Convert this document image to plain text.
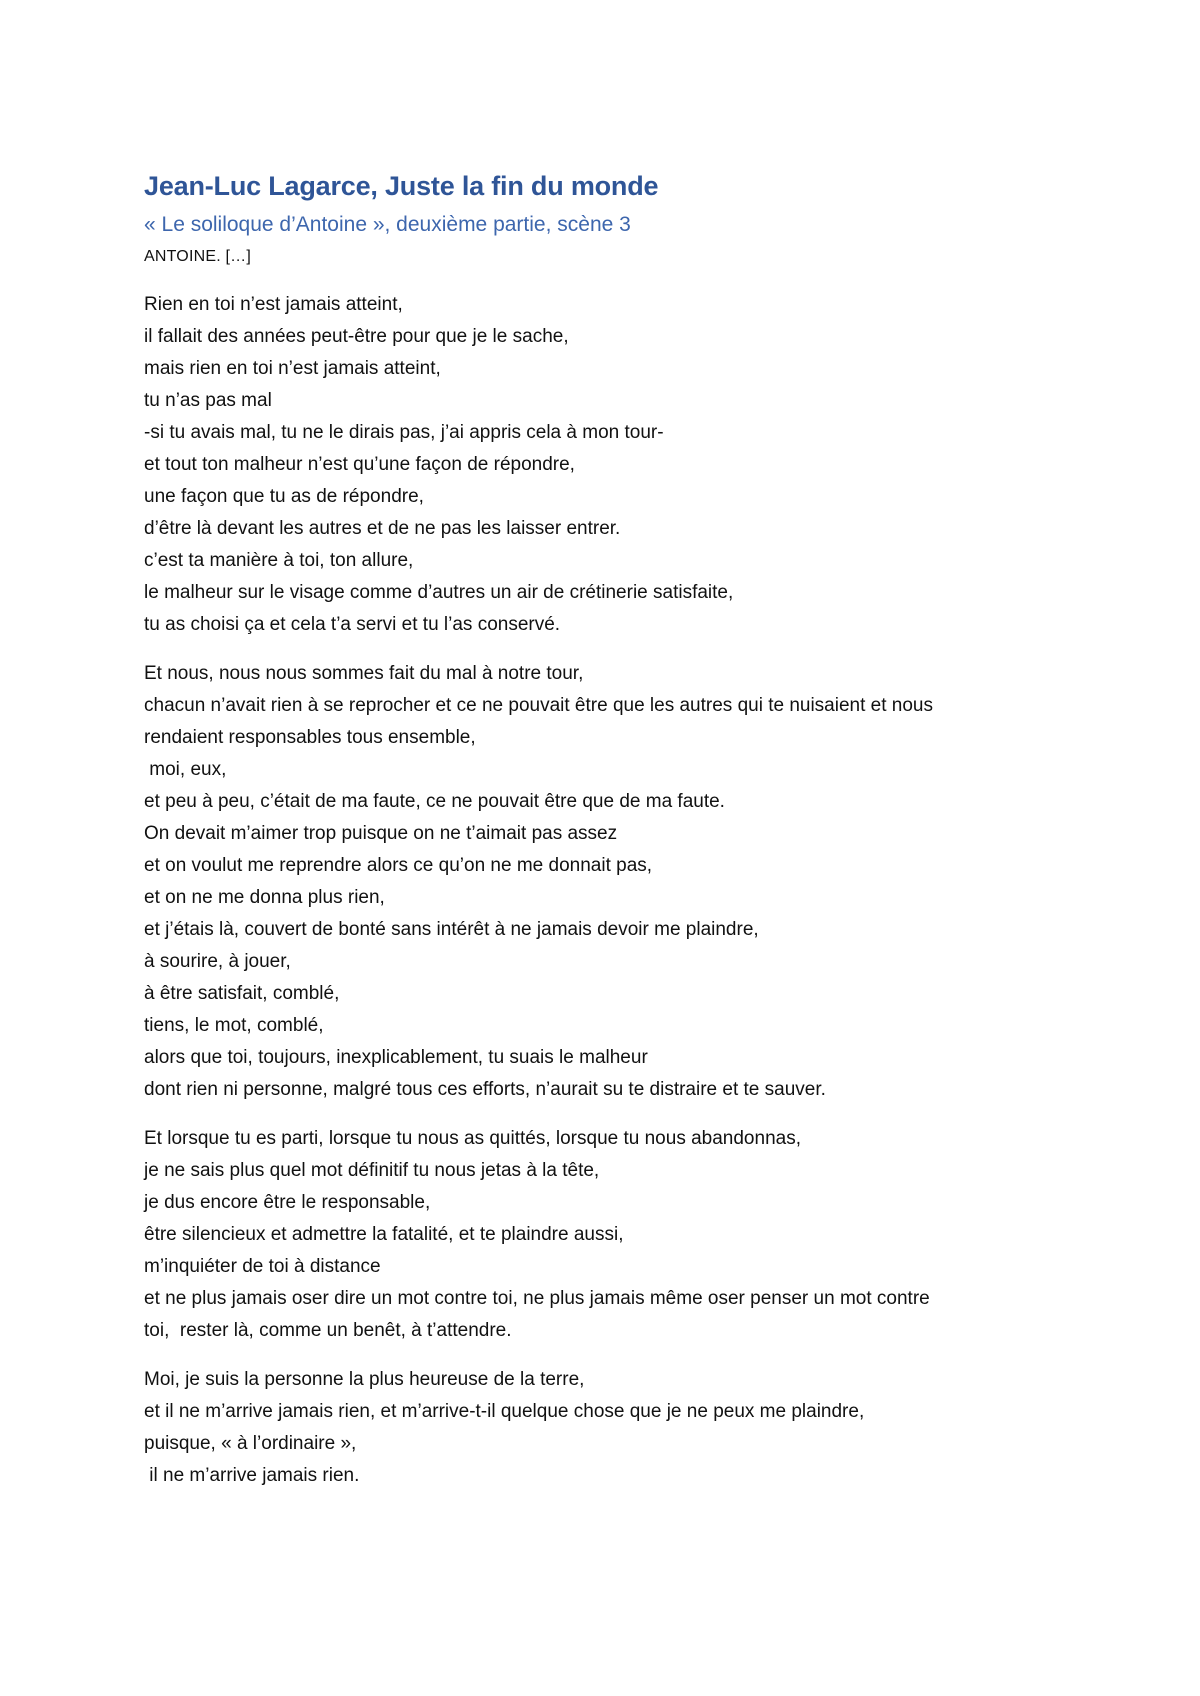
Jean-Luc Lagarce, Juste la fin du monde
« Le soliloque d’Antoine », deuxième partie, scène 3
ANTOINE. […]
Rien en toi n’est jamais atteint,
il fallait des années peut-être pour que je le sache,
mais rien en toi n’est jamais atteint,
tu n’as pas mal
-si tu avais mal, tu ne le dirais pas, j’ai appris cela à mon tour-
et tout ton malheur n’est qu’une façon de répondre,
une façon que tu as de répondre,
d’être là devant les autres et de ne pas les laisser entrer.
c’est ta manière à toi, ton allure,
le malheur sur le visage comme d’autres un air de crétinerie satisfaite,
tu as choisi ça et cela t’a servi et tu l’as conservé.
Et nous, nous nous sommes fait du mal à notre tour,
chacun n’avait rien à se reprocher et ce ne pouvait être que les autres qui te nuisaient et nous
rendaient responsables tous ensemble,
moi, eux,
et peu à peu, c’était de ma faute, ce ne pouvait être que de ma faute.
On devait m’aimer trop puisque on ne t’aimait pas assez
et on voulut me reprendre alors ce qu’on ne me donnait pas,
et on ne me donna plus rien,
et j’étais là, couvert de bonté sans intérêt à ne jamais devoir me plaindre,
à sourire, à jouer,
à être satisfait, comblé,
tiens, le mot, comblé,
alors que toi, toujours, inexplicablement, tu suais le malheur
dont rien ni personne, malgré tous ces efforts, n’aurait su te distraire et te sauver.
Et lorsque tu es parti, lorsque tu nous as quittés, lorsque tu nous abandonnas,
je ne sais plus quel mot définitif tu nous jetas à la tête,
je dus encore être le responsable,
être silencieux et admettre la fatalité, et te plaindre aussi,
m’inquiéter de toi à distance
et ne plus jamais oser dire un mot contre toi, ne plus jamais même oser penser un mot contre
toi,  rester là, comme un benêt, à t’attendre.
Moi, je suis la personne la plus heureuse de la terre,
et il ne m’arrive jamais rien, et m’arrive-t-il quelque chose que je ne peux me plaindre,
puisque, « à l’ordinaire »,
il ne m’arrive jamais rien.
